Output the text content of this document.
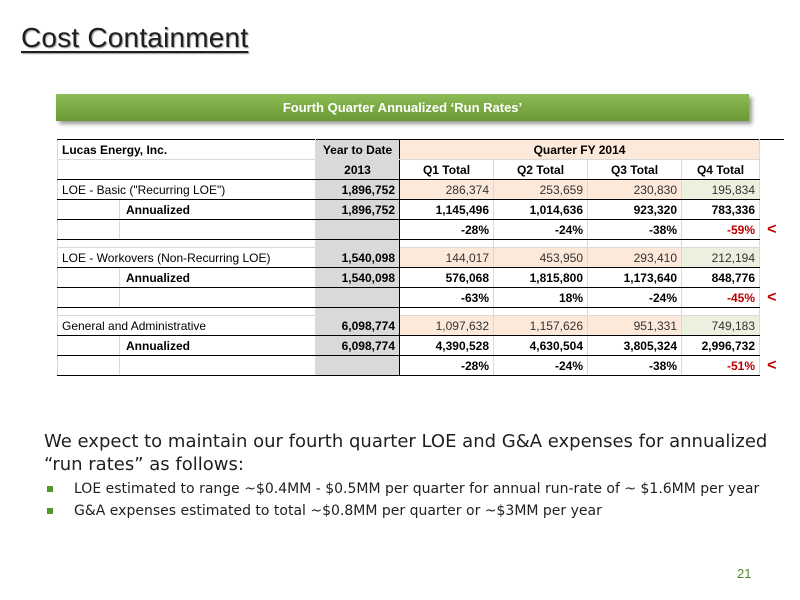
Cost Containment
Fourth Quarter Annualized ‘Run Rates’
Lucas Energy, Inc.		Year to Date	Quarter FY 2014				
		2013	Q1 Total	Q2 Total	Q3 Total	Q4 Total	
LOE - Basic ("Recurring LOE")		1,896,752	286,374	253,659	230,830	195,834	
	Annualized	1,896,752	1,145,496	1,014,636	923,320	783,336	
			-28%	-24%	-38%	-59%	<

LOE - Workovers (Non-Recurring LOE)		1,540,098	144,017	453,950	293,410	212,194	
	Annualized	1,540,098	576,068	1,815,800	1,173,640	848,776	
			-63%	18%	-24%	-45%	<

General and Administrative		6,098,774	1,097,632	1,157,626	951,331	749,183	
	Annualized	6,098,774	4,390,528	4,630,504	3,805,324	2,996,732	
			-28%	-24%	-38%	-51%	<
We expect to maintain our fourth quarter LOE and G&A expenses for annualized “run rates” as follows:
LOE estimated to range ~$0.4MM - $0.5MM per quarter for annual run-rate of ~ $1.6MM per year
G&A expenses estimated to total ~$0.8MM per quarter or ~$3MM per year
21
